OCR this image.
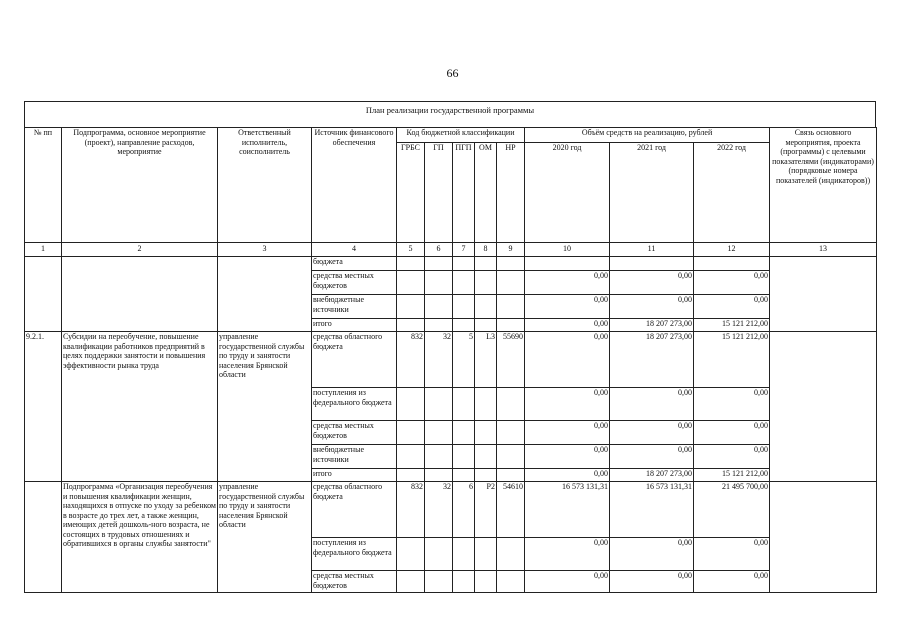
66
План реализации государственной программы
№ пп	Подпрограмма, основное мероприятие (проект), направление расходов, мероприятие	Ответственный исполнитель, соисполнитель	Источник финансового обеспечения	Код бюджетной классификации					Объём средств на реализацию, рублей			Связь основного мероприятия, проекта (программы) с целевыми показателями (индикаторами) (порядковые номера показателей (индикаторов))
				ГРБС	ГП	ПГП	ОМ	НР	2020 год	2021 год	2022 год	
1	2	3	4	5	6	7	8	9	10	11	12	13
			бюджета									
			средства местных бюджетов						0,00	0,00	0,00	
			внебюджетные источники						0,00	0,00	0,00	
			итого						0,00	18 207 273,00	15 121 212,00	
9.2.1.	Субсидии на переобучение, повышение квалификации работников предприятий в целях поддержки занятости и повышения эффективности рынка труда	управление государственной службы по труду и занятости населения Брянской области	средства областного бюджета	832	32	5	L3	55690	0,00	18 207 273,00	15 121 212,00	
			поступления из федерального бюджета						0,00	0,00	0,00	
			средства местных бюджетов						0,00	0,00	0,00	
			внебюджетные источники						0,00	0,00	0,00	
			итого						0,00	18 207 273,00	15 121 212,00	
	Подпрограмма «Организация переобучения и повышения квалификации женщин, находящихся в отпуске по уходу за ребенком в возрасте до трех лет, а также женщин, имеющих детей дошколь-ного возраста, не состоящих в трудовых отношениях и обратившихся в органы службы занятости"	управление государственной службы по труду и занятости населения Брянской области	средства областного бюджета	832	32	6	P2	54610	16 573 131,31	16 573 131,31	21 495 700,00	
			поступления из федерального бюджета						0,00	0,00	0,00	
			средства местных бюджетов						0,00	0,00	0,00	
